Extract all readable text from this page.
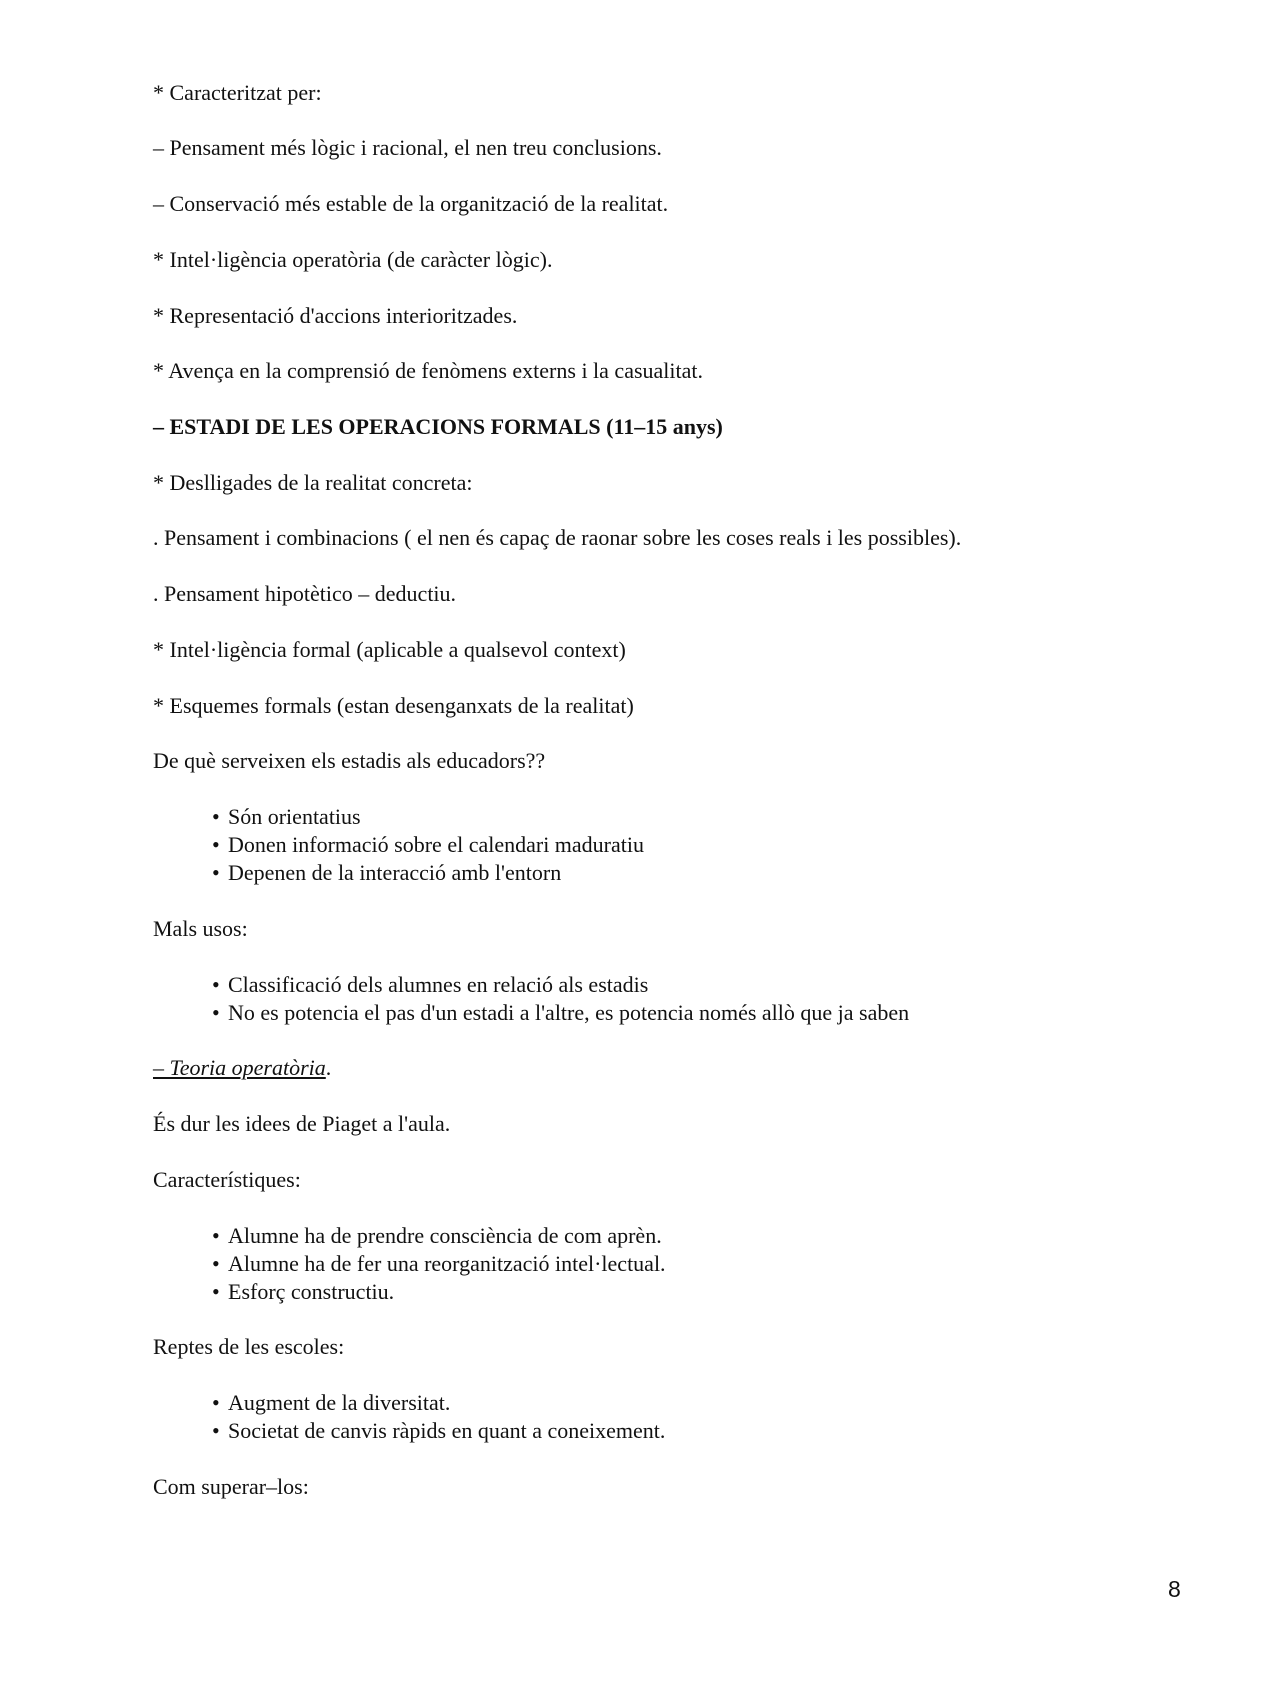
* Caracteritzat per:
– Pensament més lògic i racional, el nen treu conclusions.
– Conservació més estable de la organització de la realitat.
* Intel·ligència operatòria (de caràcter lògic).
* Representació d'accions interioritzades.
* Avença en la comprensió de fenòmens externs i la casualitat.
– ESTADI DE LES OPERACIONS FORMALS (11–15 anys)
* Deslligades de la realitat concreta:
. Pensament i combinacions ( el nen és capaç de raonar sobre les coses reals i les possibles).
. Pensament hipotètico – deductiu.
* Intel·ligència formal (aplicable a qualsevol context)
* Esquemes formals (estan desenganxats de la realitat)
De què serveixen els estadis als educadors??
• Són orientatius
• Donen informació sobre el calendari maduratiu
• Depenen de la interacció amb l'entorn
Mals usos:
• Classificació dels alumnes en relació als estadis
• No es potencia el pas d'un estadi a l'altre, es potencia només allò que ja saben
– Teoria operatòria.
És dur les idees de Piaget a l'aula.
Característiques:
• Alumne ha de prendre consciència de com aprèn.
• Alumne ha de fer una reorganització intel·lectual.
• Esforç constructiu.
Reptes de les escoles:
• Augment de la diversitat.
• Societat de canvis ràpids en quant a coneixement.
Com superar–los:
8
